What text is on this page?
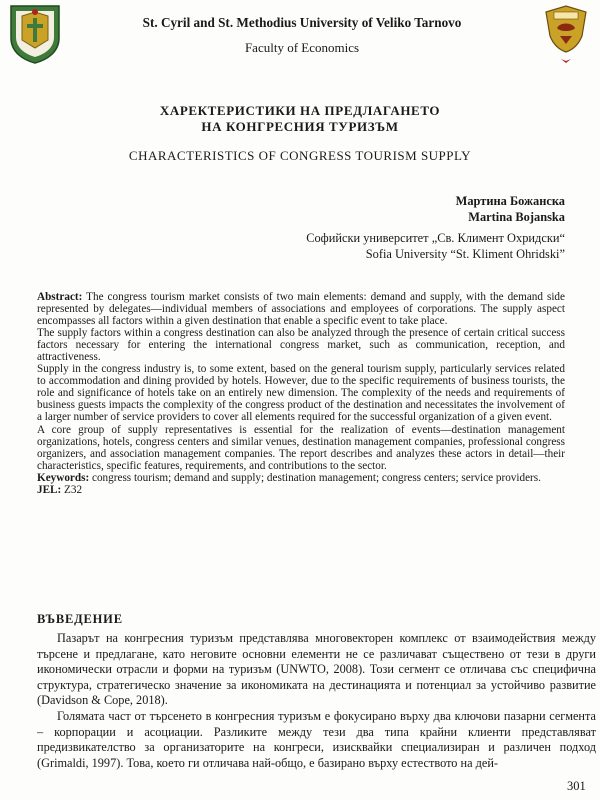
St. Cyril and St. Methodius University of Veliko Tarnovo
Faculty of Economics
ХАРЕКТЕРИСТИКИ НА ПРЕДЛАГАНЕТО
НА КОНГРЕСНИЯ ТУРИЗЪМ
CHARACTERISTICS OF CONGRESS TOURISM SUPPLY
Мартина Божанска
Martina Bojanska
Софийски университет „Св. Климент Охридски“
Sofia University “St. Kliment Ohridski”

Abstract: The congress tourism market consists of two main elements: demand and supply, with the demand side represented by delegates—individual members of associations and employees of corporations. The supply aspect encompasses all factors within a given destination that enable a specific event to take place.

The supply factors within a congress destination can also be analyzed through the presence of certain critical success factors necessary for entering the international congress market, such as communication, reception, and attractiveness.

Supply in the congress industry is, to some extent, based on the general tourism supply, particularly services related to accommodation and dining provided by hotels. However, due to the specific requirements of business tourists, the role and significance of hotels take on an entirely new dimension. The complexity of the needs and requirements of business guests impacts the complexity of the congress product of the destination and necessitates the involvement of a larger number of service providers to cover all elements required for the successful organization of a given event.

A core group of supply representatives is essential for the realization of events—destination management organizations, hotels, congress centers and similar venues, destination management companies, professional congress organizers, and association management companies. The report describes and analyzes these actors in detail—their characteristics, specific features, requirements, and contributions to the sector.

Keywords: congress tourism; demand and supply; destination management; congress centers; service providers.

JEL: Z32

ВЪВЕДЕНИЕ

Пазарът на конгресния туризъм представлява многовекторен комплекс от взаимодействия между търсене и предлагане, като неговите основни елементи не се различават съществено от тези в други икономически отрасли и форми на туризъм (UNWTO, 2008). Този сегмент се отличава със специфична структура, стратегическо значение за икономиката на дестинацията и потенциал за устойчиво развитие (Davidson & Cope, 2018).

Голямата част от търсенето в конгресния туризъм е фокусирано върху два ключови пазарни сегмента – корпорации и асоциации. Разликите между тези два типа крайни клиенти представляват предизвикателство за организаторите на конгреси, изисквайки специализиран и различен подход (Grimaldi, 1997). Това, което ги отличава най-общо, е базирано върху естеството на дей-

301
